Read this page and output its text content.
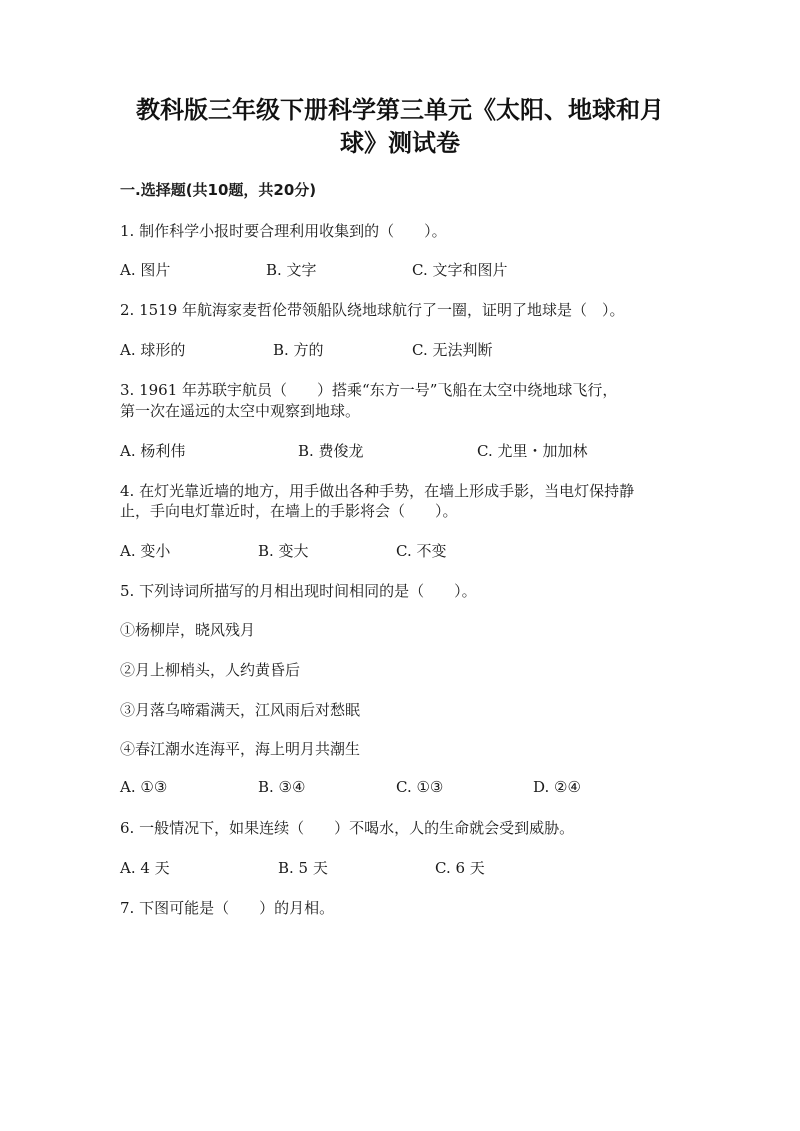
教科版三年级下册科学第三单元《太阳、地球和月
球》测试卷
一.选择题(共10题，共20分)
1. 制作科学小报时要合理利用收集到的（　　）。
A. 图片	B. 文字	C. 文字和图片
2. 1519 年航海家麦哲伦带领船队绕地球航行了一圈，证明了地球是（　）。
A. 球形的	B. 方的	C. 无法判断
3. 1961 年苏联宇航员（　　）搭乘“东方一号”飞船在太空中绕地球飞行，
第一次在遥远的太空中观察到地球。
A. 杨利伟	B. 费俊龙	C. 尤里・加加林
4. 在灯光靠近墙的地方，用手做出各种手势，在墙上形成手影，当电灯保持静
止，手向电灯靠近时，在墙上的手影将会（　　）。
A. 变小	B. 变大	C. 不变
5. 下列诗词所描写的月相出现时间相同的是（　　）。
①杨柳岸，晓风残月
②月上柳梢头，人约黄昏后
③月落乌啼霜满天，江风雨后对愁眠
④春江潮水连海平，海上明月共潮生
A. ①③	B. ③④	C. ①③	D. ②④
6. 一般情况下，如果连续（　　）不喝水，人的生命就会受到威胁。
A. 4 天	B. 5 天	C. 6 天
7. 下图可能是（　　）的月相。
